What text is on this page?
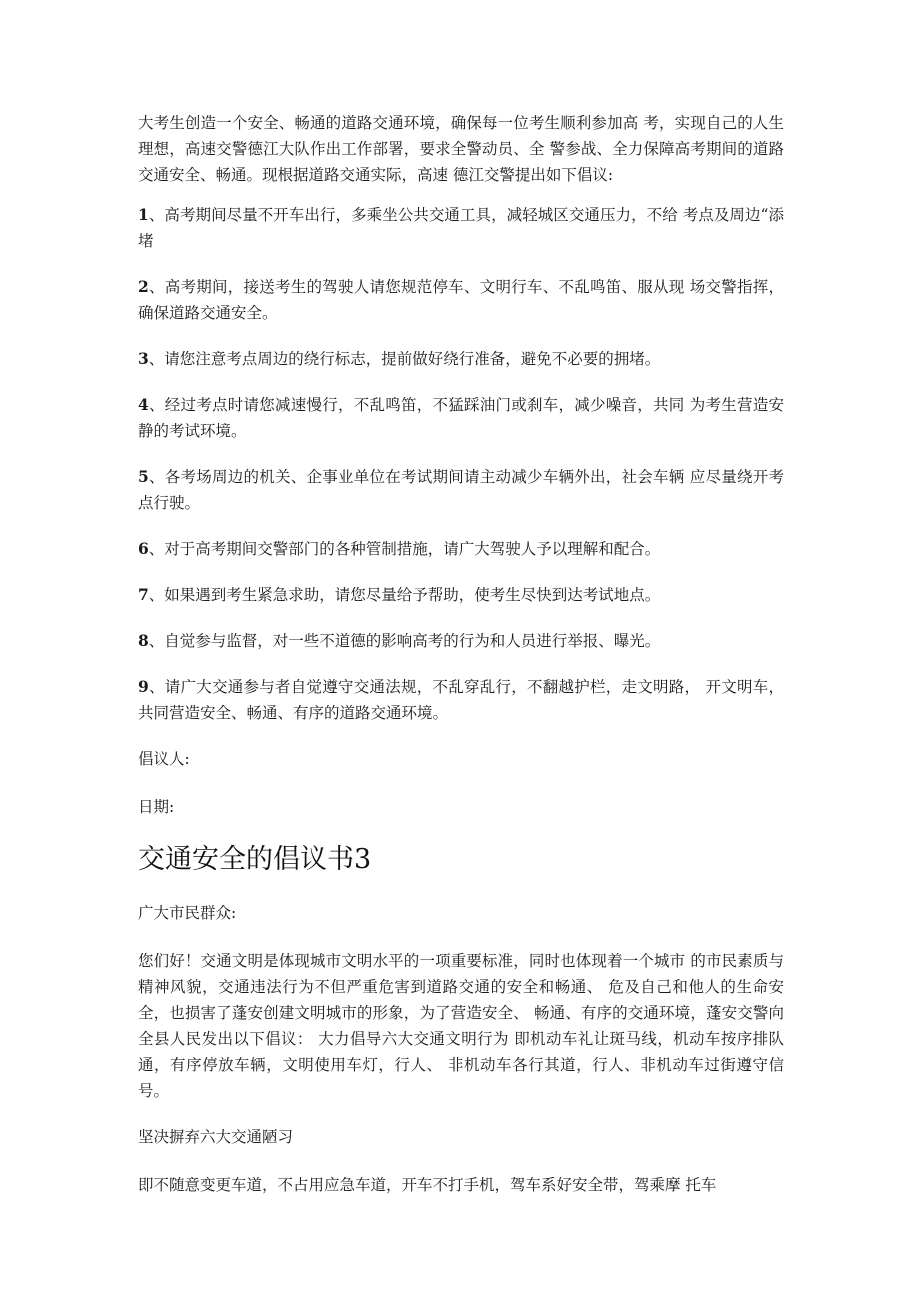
大考生创造一个安全、畅通的道路交通环境，确保每一位考生顺利参加高 考，实现自己的人生理想，高速交警德江大队作出工作部署，要求全警动员、全 警参战、全力保障高考期间的道路交通安全、畅通。现根据道路交通实际，高速 德江交警提出如下倡议:

1、高考期间尽量不开车出行，多乘坐公共交通工具，减轻城区交通压力，不给 考点及周边“添堵

2、高考期间，接送考生的驾驶人请您规范停车、文明行车、不乱鸣笛、服从现 场交警指挥，确保道路交通安全。

3、请您注意考点周边的绕行标志，提前做好绕行准备，避免不必要的拥堵。

4、经过考点时请您减速慢行，不乱鸣笛，不猛踩油门或刹车，减少噪音，共同 为考生营造安静的考试环境。

5、各考场周边的机关、企事业单位在考试期间请主动减少车辆外出，社会车辆 应尽量绕开考点行驶。

6、对于高考期间交警部门的各种管制措施，请广大驾驶人予以理解和配合。

7、如果遇到考生紧急求助，请您尽量给予帮助，使考生尽快到达考试地点。

8、自觉参与监督，对一些不道德的影响高考的行为和人员进行举报、曝光。

9、请广大交通参与者自觉遵守交通法规，不乱穿乱行，不翻越护栏，走文明路， 开文明车，共同营造安全、畅通、有序的道路交通环境。

倡议人:

日期:

交通安全的倡议书3

广大市民群众:

您们好！交通文明是体现城市文明水平的一项重要标准，同时也体现着一个城市 的市民素质与精神风貌，交通违法行为不但严重危害到道路交通的安全和畅通、 危及自己和他人的生命安全，也损害了蓬安创建文明城市的形象，为了营造安全、 畅通、有序的交通环境，蓬安交警向全县人民发出以下倡议： 大力倡导六大交通文明行为 即机动车礼让斑马线，机动车按序排队通，有序停放车辆，文明使用车灯，行人、 非机动车各行其道，行人、非机动车过街遵守信号。

坚决摒弃六大交通陋习

即不随意变更车道，不占用应急车道，开车不打手机，驾车系好安全带，驾乘摩 托车
